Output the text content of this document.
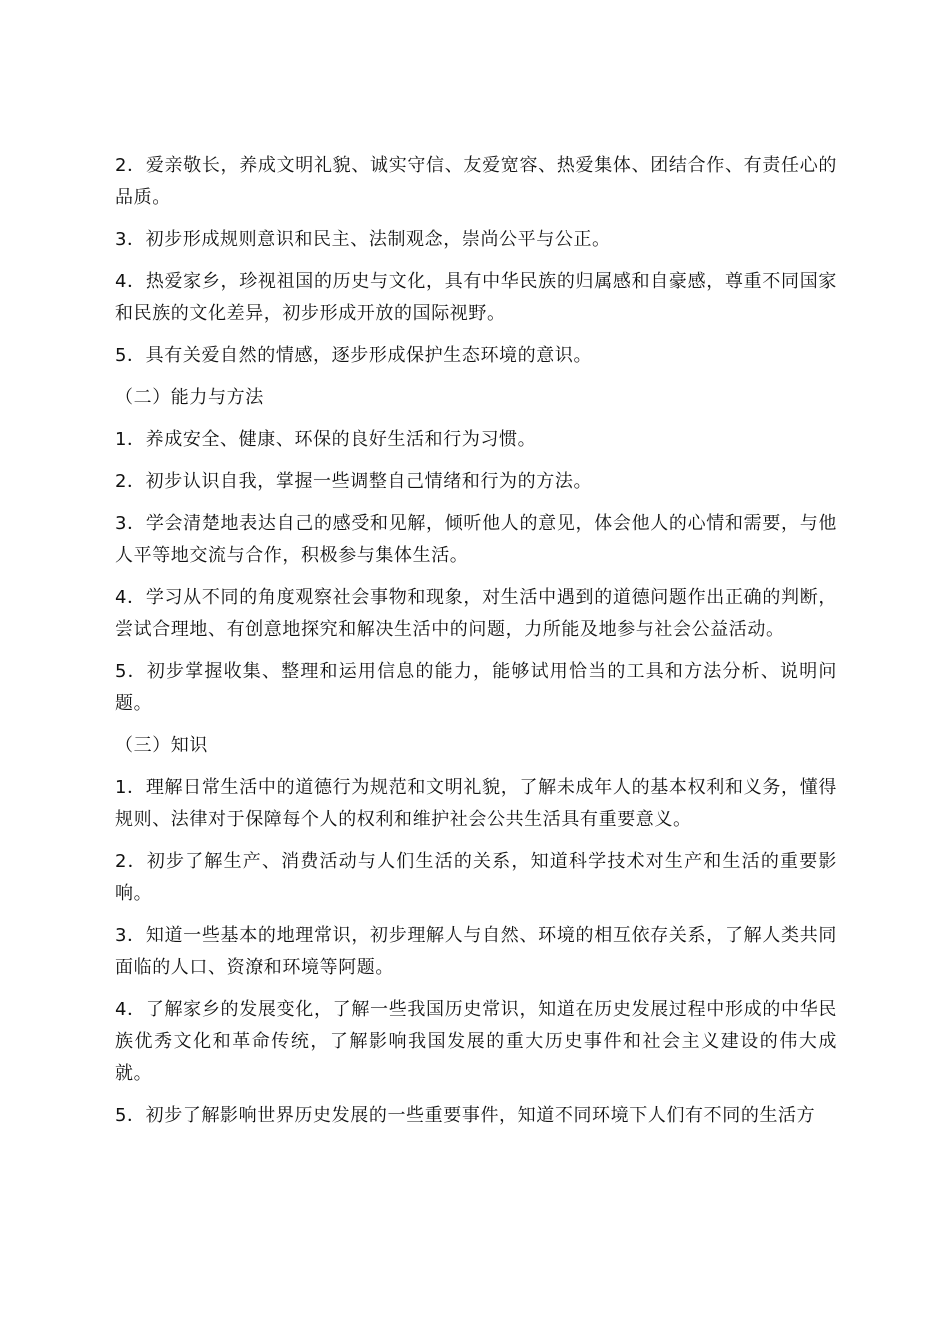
2．爱亲敬长，养成文明礼貌、诚实守信、友爱宽容、热爱集体、团结合作、有责任心的品质。

3．初步形成规则意识和民主、法制观念，崇尚公平与公正。

4．热爱家乡，珍视祖国的历史与文化，具有中华民族的归属感和自豪感，尊重不同国家和民族的文化差异，初步形成开放的国际视野。

5．具有关爱自然的情感，逐步形成保护生态环境的意识。

（二）能力与方法

1．养成安全、健康、环保的良好生活和行为习惯。

2．初步认识自我，掌握一些调整自己情绪和行为的方法。

3．学会清楚地表达自己的感受和见解，倾听他人的意见，体会他人的心情和需要，与他人平等地交流与合作，积极参与集体生活。

4．学习从不同的角度观察社会事物和现象，对生活中遇到的道德问题作出正确的判断，尝试合理地、有创意地探究和解决生活中的问题，力所能及地参与社会公益活动。

5．初步掌握收集、整理和运用信息的能力，能够试用恰当的工具和方法分析、说明问题。

（三）知识

1．理解日常生活中的道德行为规范和文明礼貌，了解未成年人的基本权利和义务，懂得规则、法律对于保障每个人的权利和维护社会公共生活具有重要意义。

2．初步了解生产、消费活动与人们生活的关系，知道科学技术对生产和生活的重要影响。

3．知道一些基本的地理常识，初步理解人与自然、环境的相互依存关系，了解人类共同面临的人口、资潦和环境等阿题。

4．了解家乡的发展变化，了解一些我国历史常识，知道在历史发展过程中形成的中华民族优秀文化和革命传统，了解影响我国发展的重大历史事件和社会主义建设的伟大成就。

5．初步了解影响世界历史发展的一些重要事件，知道不同环境下人们有不同的生活方
